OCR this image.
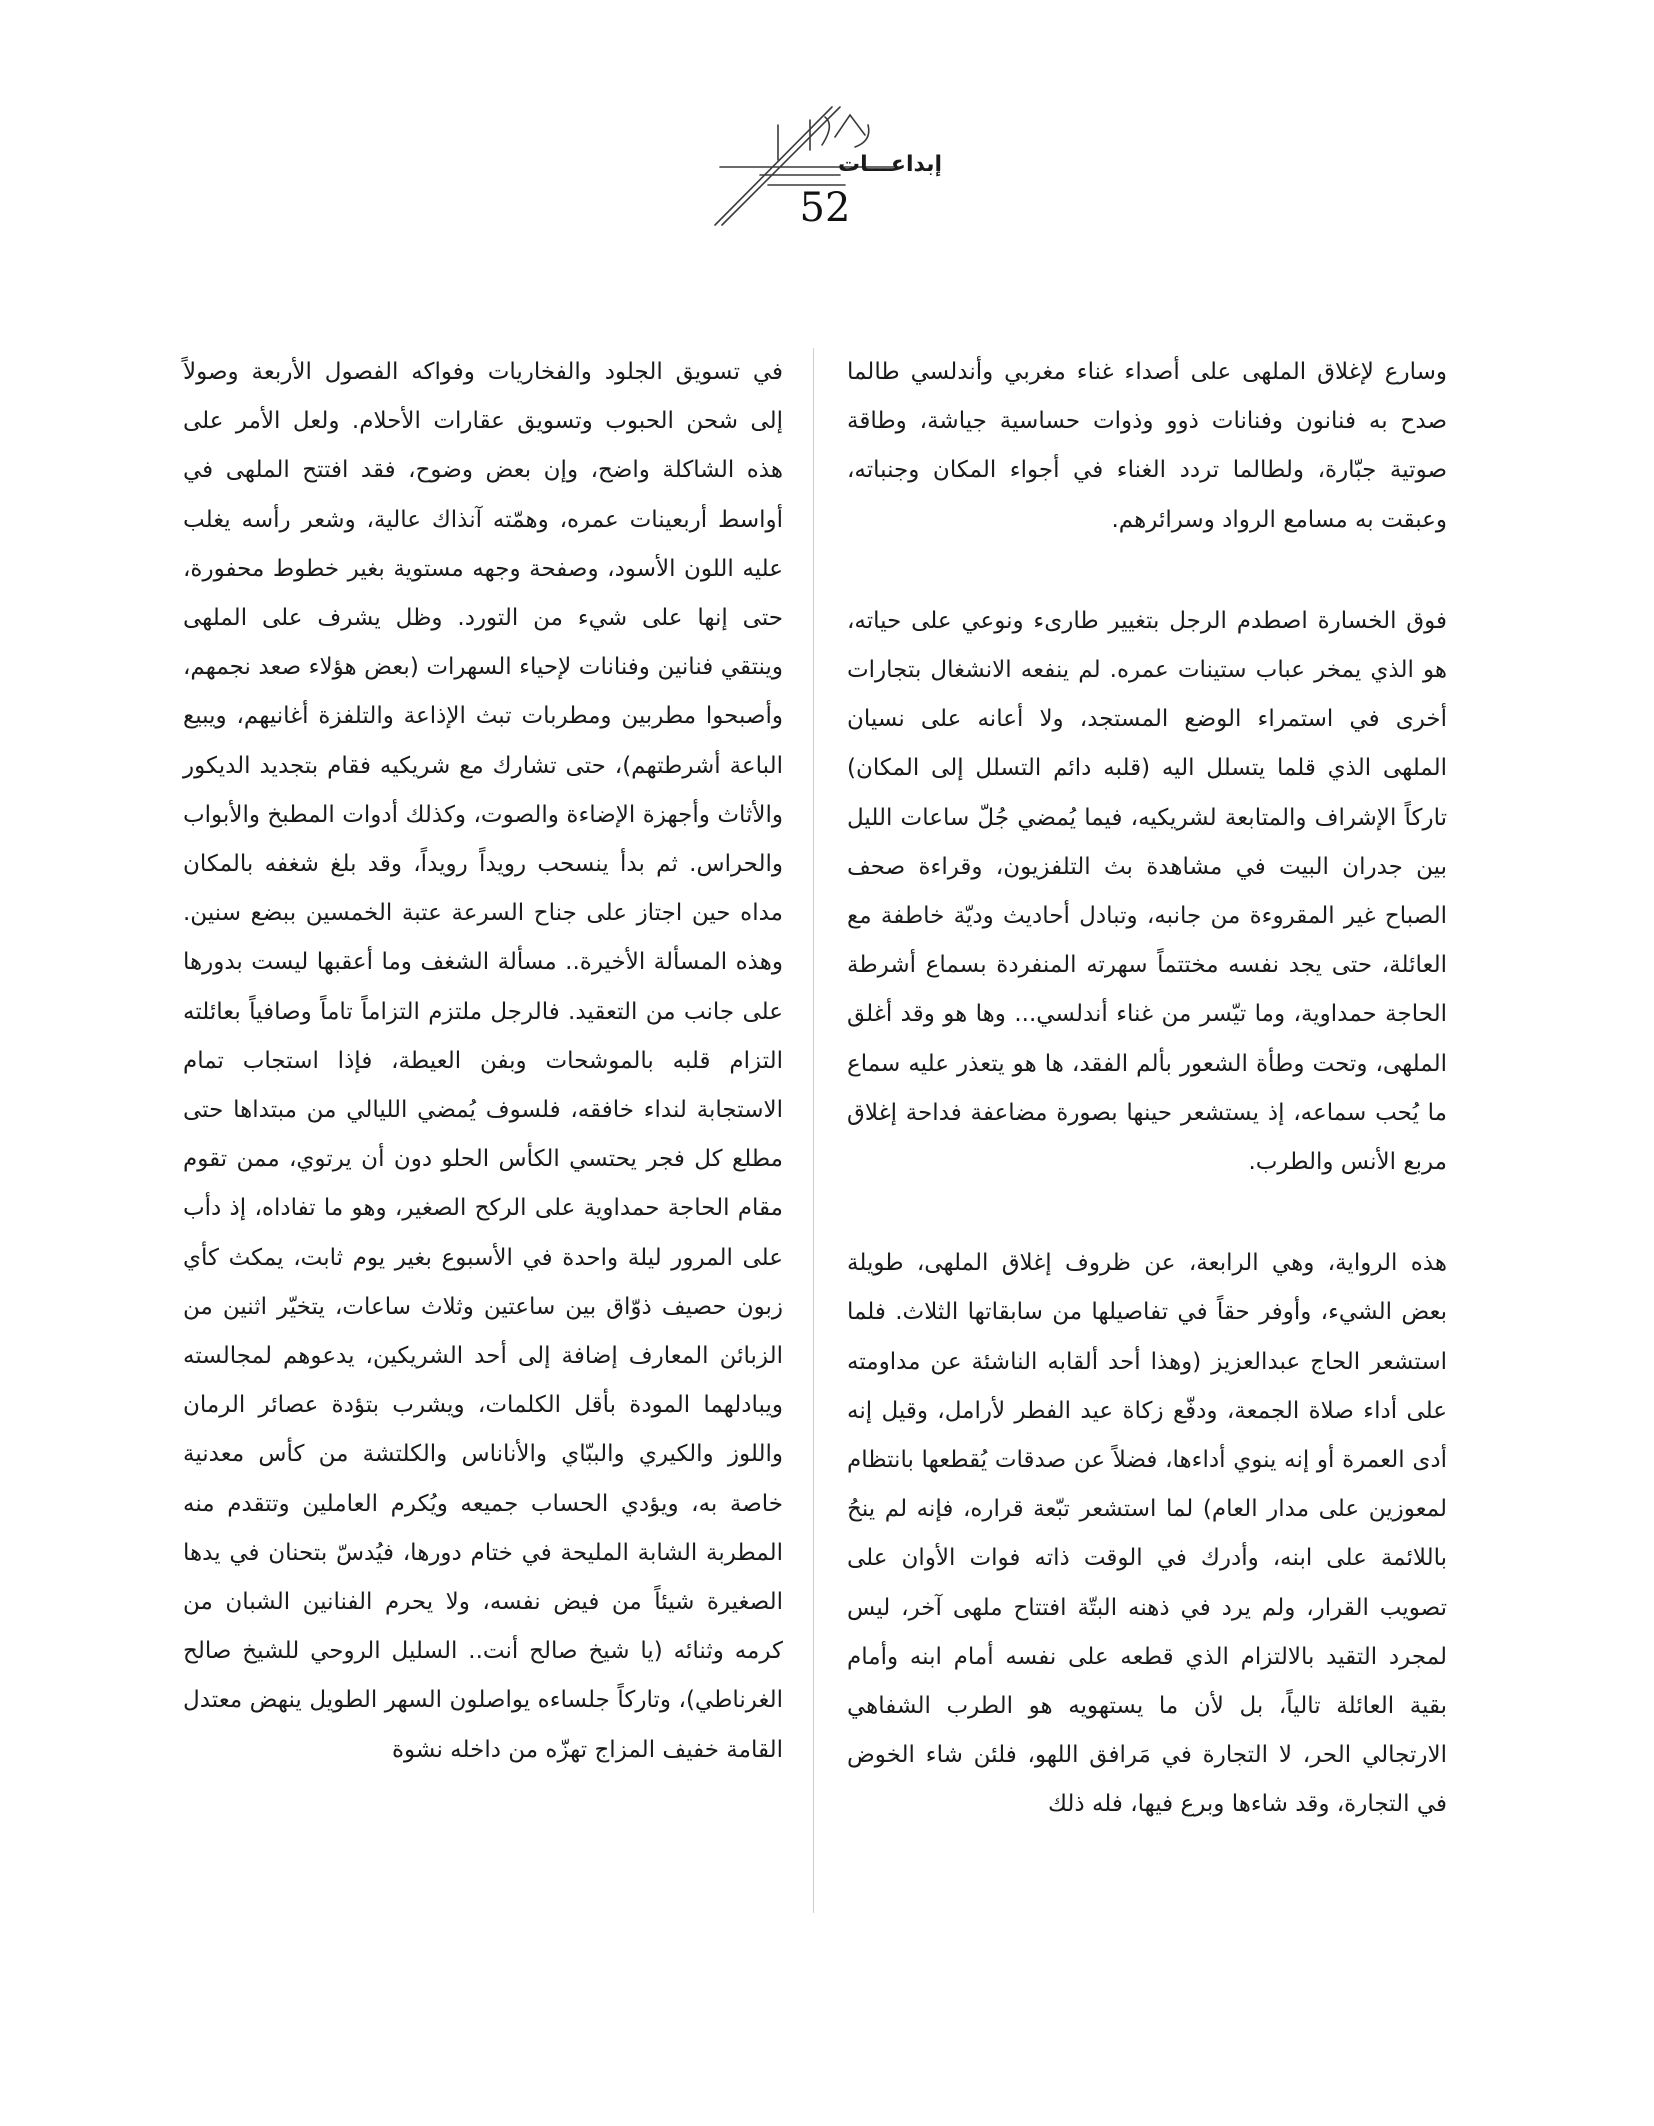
إبداعـــات
52

وسارع لإغلاق الملهى على أصداء غناء مغربي وأندلسي طالما صدح به فنانون وفنانات ذوو وذوات حساسية جياشة، وطاقة صوتية جبّارة، ولطالما تردد الغناء في أجواء المكان وجنباته، وعبقت به مسامع الرواد وسرائرهم.

فوق الخسارة اصطدم الرجل بتغيير طارىء ونوعي على حياته، هو الذي يمخر عباب ستينات عمره. لم ينفعه الانشغال بتجارات أخرى في استمراء الوضع المستجد، ولا أعانه على نسيان الملهى الذي قلما يتسلل اليه (قلبه دائم التسلل إلى المكان) تاركاً الإشراف والمتابعة لشريكيه، فيما يُمضي جُلّ ساعات الليل بين جدران البيت في مشاهدة بث التلفزيون، وقراءة صحف الصباح غير المقروءة من جانبه، وتبادل أحاديث وديّة خاطفة مع العائلة، حتى يجد نفسه مختتماً سهرته المنفردة بسماع أشرطة الحاجة حمداوية، وما تيّسر من غناء أندلسي... وها هو وقد أغلق الملهى، وتحت وطأة الشعور بألم الفقد، ها هو يتعذر عليه سماع ما يُحب سماعه، إذ يستشعر حينها بصورة مضاعفة فداحة إغلاق مربع الأنس والطرب.

هذه الرواية، وهي الرابعة، عن ظروف إغلاق الملهى، طويلة بعض الشيء، وأوفر حقاً في تفاصيلها من سابقاتها الثلاث. فلما استشعر الحاج عبدالعزيز (وهذا أحد ألقابه الناشئة عن مداومته على أداء صلاة الجمعة، ودفّع زكاة عيد الفطر لأرامل، وقيل إنه أدى العمرة أو إنه ينوي أداءها، فضلاً عن صدقات يُقطعها بانتظام لمعوزين على مدار العام) لما استشعر تبّعة قراره، فإنه لم ينحُ باللائمة على ابنه، وأدرك في الوقت ذاته فوات الأوان على تصويب القرار، ولم يرد في ذهنه البتّة افتتاح ملهى آخر، ليس لمجرد التقيد بالالتزام الذي قطعه على نفسه أمام ابنه وأمام بقية العائلة تالياً، بل لأن ما يستهويه هو الطرب الشفاهي الارتجالي الحر، لا التجارة في مَرافق اللهو، فلئن شاء الخوض في التجارة، وقد شاءها وبرع فيها، فله ذلك

في تسويق الجلود والفخاريات وفواكه الفصول الأربعة وصولاً إلى شحن الحبوب وتسويق عقارات الأحلام. ولعل الأمر على هذه الشاكلة واضح، وإن بعض وضوح، فقد افتتح الملهى في أواسط أربعينات عمره، وهمّته آنذاك عالية، وشعر رأسه يغلب عليه اللون الأسود، وصفحة وجهه مستوية بغير خطوط محفورة، حتى إنها على شيء من التورد. وظل يشرف على الملهى وينتقي فنانين وفنانات لإحياء السهرات (بعض هؤلاء صعد نجمهم، وأصبحوا مطربين ومطربات تبث الإذاعة والتلفزة أغانيهم، ويبيع الباعة أشرطتهم)، حتى تشارك مع شريكيه فقام بتجديد الديكور والأثاث وأجهزة الإضاءة والصوت، وكذلك أدوات المطبخ والأبواب والحراس. ثم بدأ ينسحب رويداً رويداً، وقد بلغ شغفه بالمكان مداه حين اجتاز على جناح السرعة عتبة الخمسين ببضع سنين. وهذه المسألة الأخيرة.. مسألة الشغف وما أعقبها ليست بدورها على جانب من التعقيد. فالرجل ملتزم التزاماً تاماً وصافياً بعائلته التزام قلبه بالموشحات وبفن العيطة، فإذا استجاب تمام الاستجابة لنداء خافقه، فلسوف يُمضي الليالي من مبتداها حتى مطلع كل فجر يحتسي الكأس الحلو دون أن يرتوي، ممن تقوم مقام الحاجة حمداوية على الركح الصغير، وهو ما تفاداه، إذ دأب على المرور ليلة واحدة في الأسبوع بغير يوم ثابت، يمكث كأي زبون حصيف ذوّاق بين ساعتين وثلاث ساعات، يتخيّر اثنين من الزبائن المعارف إضافة إلى أحد الشريكين، يدعوهم لمجالسته ويبادلهما المودة بأقل الكلمات، ويشرب بتؤدة عصائر الرمان واللوز والكيري والببّاي والأناناس والكلتشة من كأس معدنية خاصة به، ويؤدي الحساب جميعه ويُكرم العاملين وتتقدم منه المطربة الشابة المليحة في ختام دورها، فيُدسّ بتحنان في يدها الصغيرة شيئاً من فيض نفسه، ولا يحرم الفنانين الشبان من كرمه وثنائه (يا شيخ صالح أنت.. السليل الروحي للشيخ صالح الغرناطي)، وتاركاً جلساءه يواصلون السهر الطويل ينهض معتدل القامة خفيف المزاج تهزّه من داخله نشوة
